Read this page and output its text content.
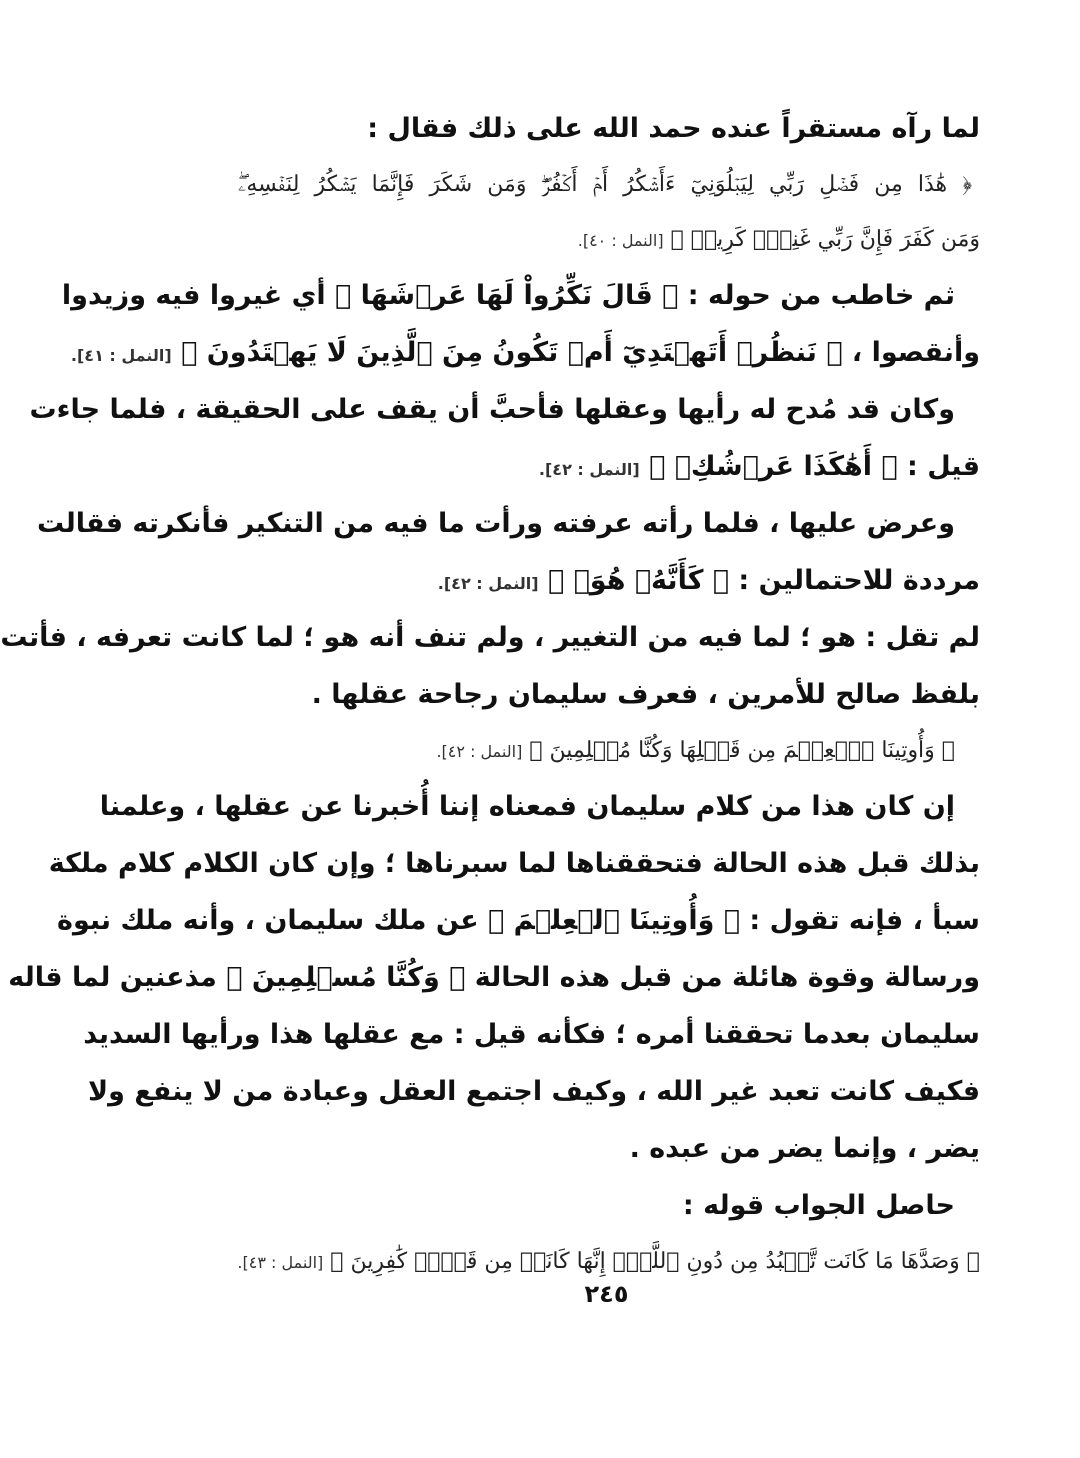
لما رآه مستقراً عنده حمد الله على ذلك فقال :
﴿ هَٰذَا مِن فَضۡلِ رَبِّي لِيَبۡلُوَنِيٓ ءَأَشۡكُرُ أَمۡ أَكۡفُرُۖ وَمَن شَكَرَ فَإِنَّمَا يَشۡكُرُ لِنَفۡسِهِۦۖ
وَمَن كَفَرَ فَإِنَّ رَبِّي غَنِيّٞ كَرِيمٞ ﴾ [النمل : ٤٠].
ثم خاطب من حوله : ﴿ قَالَ نَكِّرُواْ لَهَا عَرۡشَهَا ﴾ أي غيروا فيه وزيدوا
وأنقصوا ، ﴿ نَنظُرۡ أَتَهۡتَدِيٓ أَمۡ تَكُونُ مِنَ ٱلَّذِينَ لَا يَهۡتَدُونَ ﴾ [النمل : ٤١].
وكان قد مُدح له رأيها وعقلها فأحبَّ أن يقف على الحقيقة ، فلما جاءت
قيل : ﴿ أَهَٰكَذَا عَرۡشُكِۖ ﴾ [النمل : ٤٢].
وعرض عليها ، فلما رأته عرفته ورأت ما فيه من التنكير فأنكرته فقالت
مرددة للاحتمالين : ﴿ كَأَنَّهُۥ هُوَۚ ﴾ [النمل : ٤٢].
لم تقل : هو ؛ لما فيه من التغيير ، ولم تنف أنه هو ؛ لما كانت تعرفه ، فأتت
بلفظ صالح للأمرين ، فعرف سليمان رجاحة عقلها .
﴿ وَأُوتِينَا ٱلۡعِلۡمَ مِن قَبۡلِهَا وَكُنَّا مُسۡلِمِينَ ﴾ [النمل : ٤٢].
إن كان هذا من كلام سليمان فمعناه إننا أُخبرنا عن عقلها ، وعلمنا
بذلك قبل هذه الحالة فتحققناها لما سبرناها ؛ وإن كان الكلام كلام ملكة
سبأ ، فإنه تقول : ﴿ وَأُوتِينَا ٱلۡعِلۡمَ ﴾ عن ملك سليمان ، وأنه ملك نبوة
ورسالة وقوة هائلة من قبل هذه الحالة ﴿ وَكُنَّا مُسۡلِمِينَ ﴾ مذعنين لما قاله
سليمان بعدما تحققنا أمره ؛ فكأنه قيل : مع عقلها هذا ورأيها السديد
فكيف كانت تعبد غير الله ، وكيف اجتمع العقل وعبادة من لا ينفع ولا
يضر ، وإنما يضر من عبده .
حاصل الجواب قوله :
﴿ وَصَدَّهَا مَا كَانَت تَّعۡبُدُ مِن دُونِ ٱللَّهِۖ إِنَّهَا كَانَتۡ مِن قَوۡمٖ كَٰفِرِينَ ﴾ [النمل : ٤٣].
٢٤٥
